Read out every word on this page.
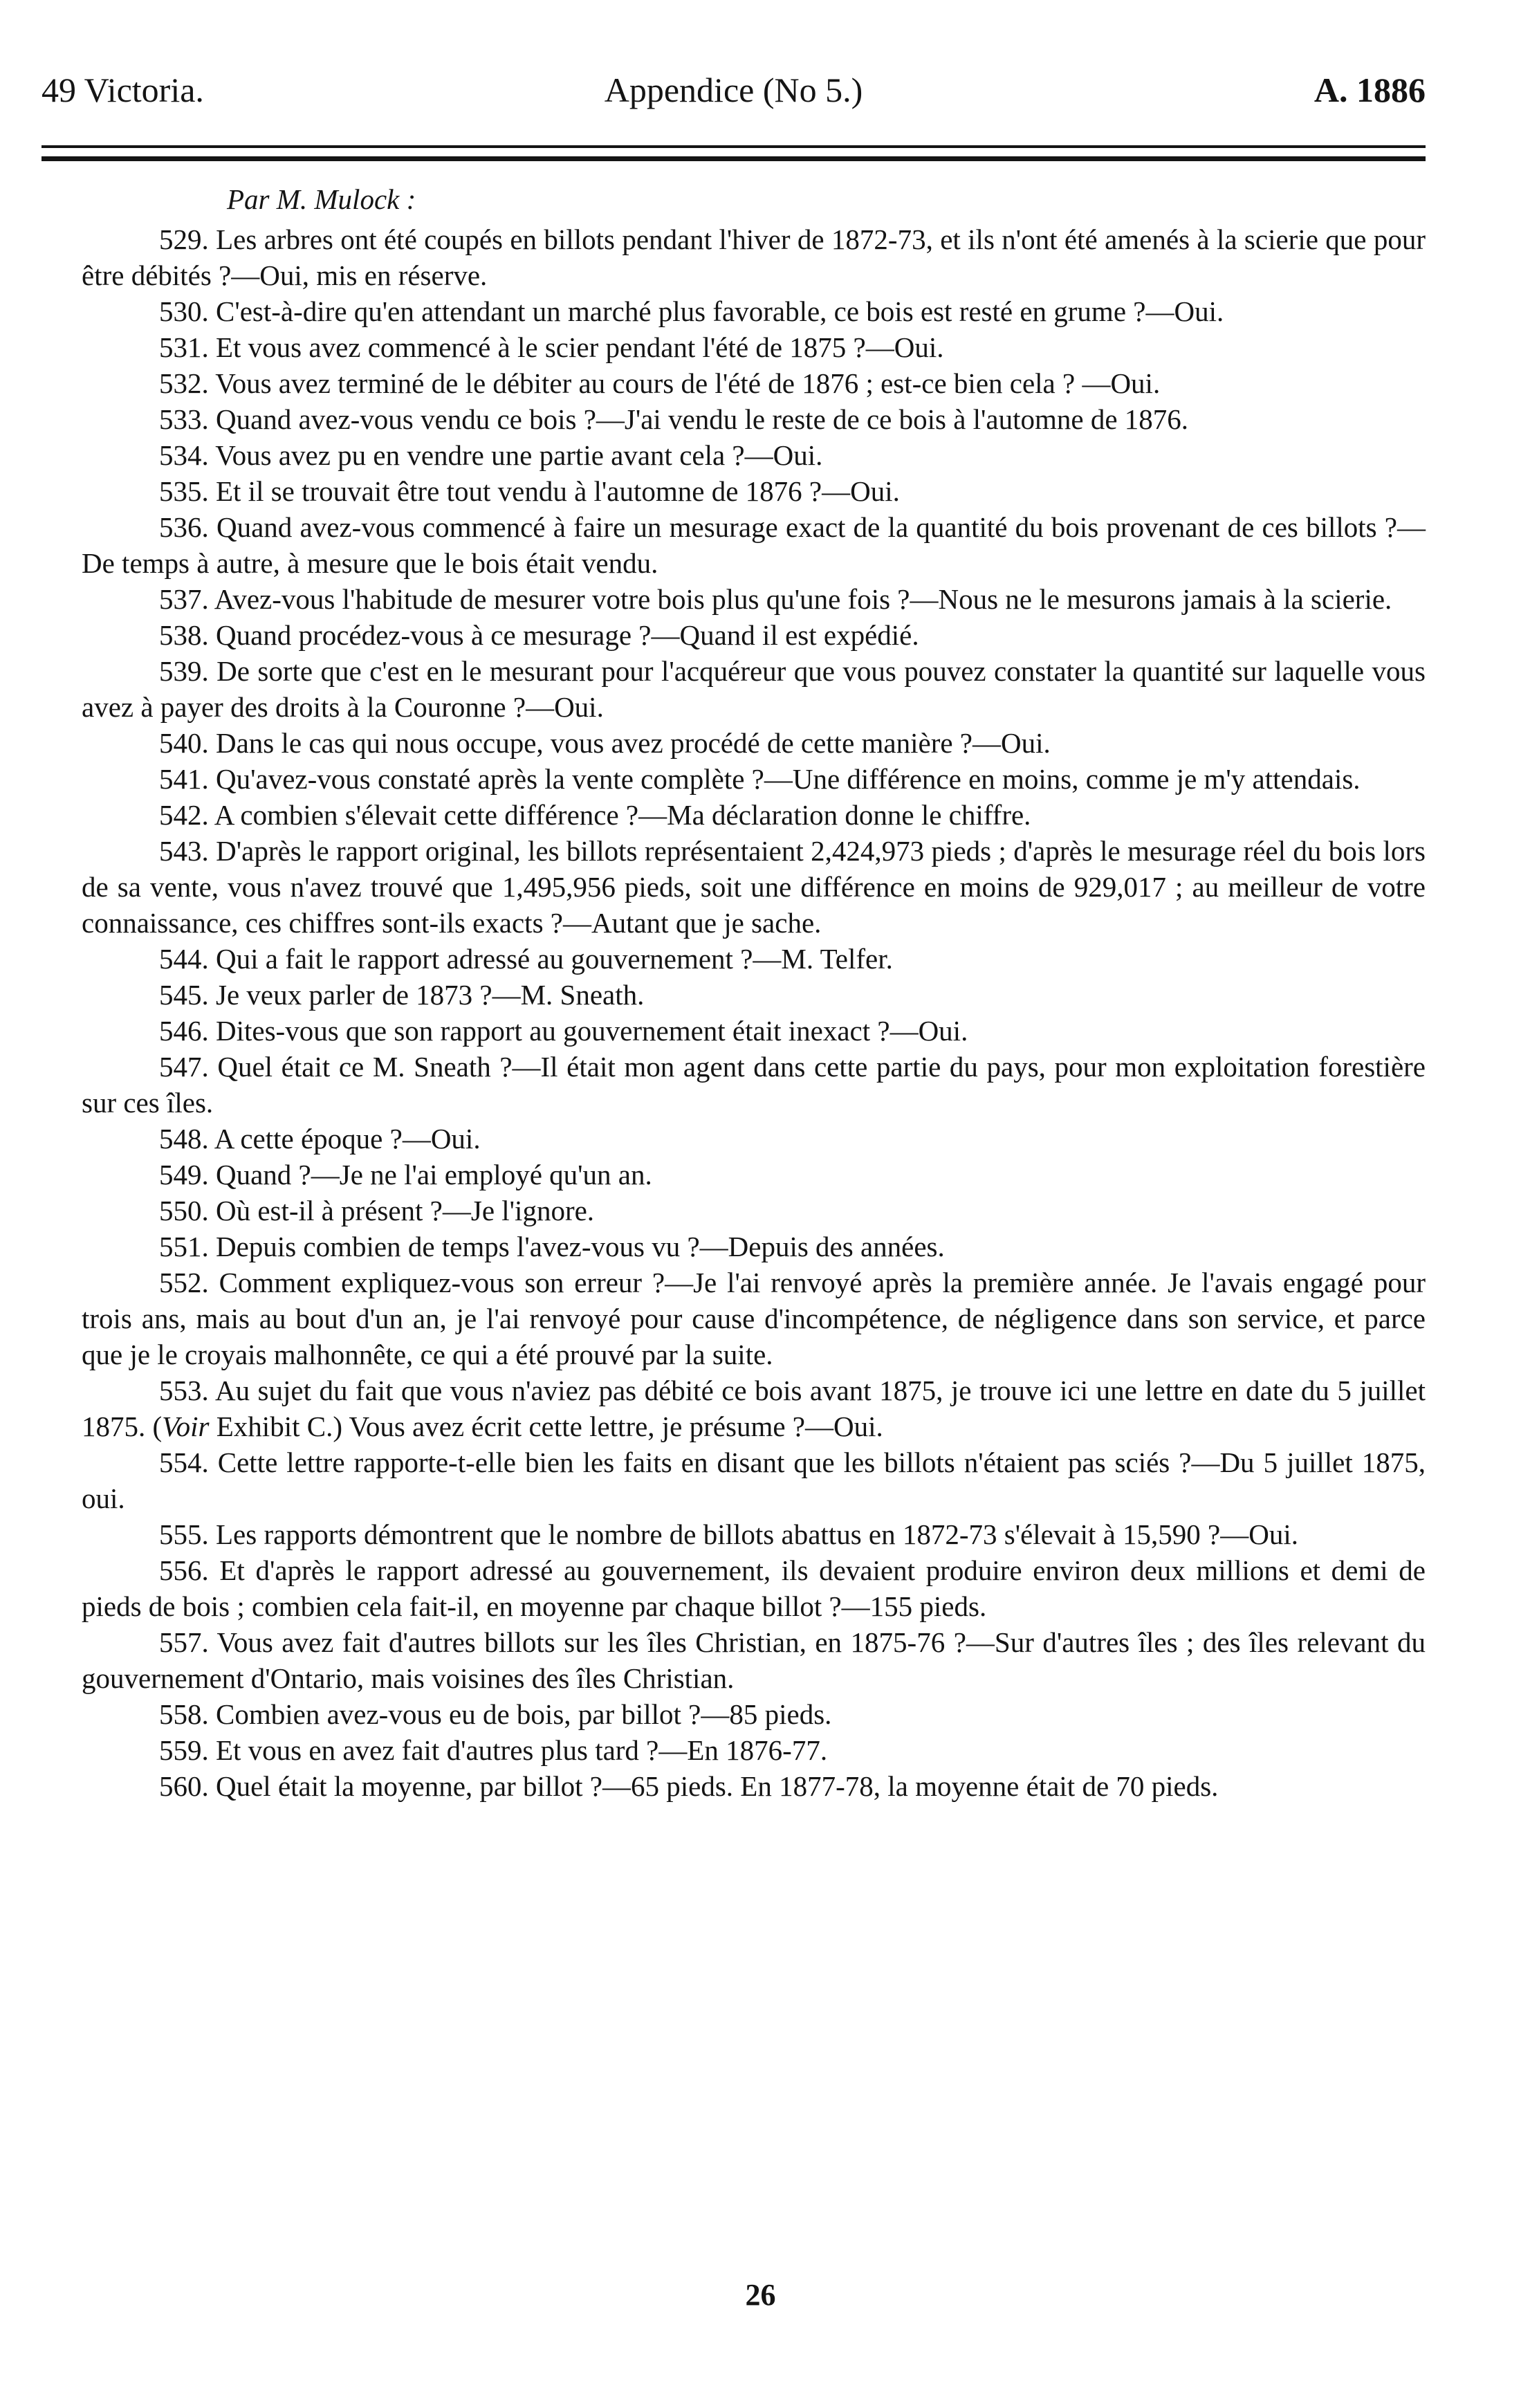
49 Victoria.	Appendice (No 5.)	A. 1886

Par M. Mulock :

529. Les arbres ont été coupés en billots pendant l'hiver de 1872-73, et ils n'ont été amenés à la scierie que pour être débités ?—Oui, mis en réserve.

530. C'est-à-dire qu'en attendant un marché plus favorable, ce bois est resté en grume ?—Oui.

531. Et vous avez commencé à le scier pendant l'été de 1875 ?—Oui.

532. Vous avez terminé de le débiter au cours de l'été de 1876 ; est-ce bien cela ? —Oui.

533. Quand avez-vous vendu ce bois ?—J'ai vendu le reste de ce bois à l'automne de 1876.

534. Vous avez pu en vendre une partie avant cela ?—Oui.

535. Et il se trouvait être tout vendu à l'automne de 1876 ?—Oui.

536. Quand avez-vous commencé à faire un mesurage exact de la quantité du bois provenant de ces billots ?—De temps à autre, à mesure que le bois était vendu.

537. Avez-vous l'habitude de mesurer votre bois plus qu'une fois ?—Nous ne le mesurons jamais à la scierie.

538. Quand procédez-vous à ce mesurage ?—Quand il est expédié.

539. De sorte que c'est en le mesurant pour l'acquéreur que vous pouvez constater la quantité sur laquelle vous avez à payer des droits à la Couronne ?—Oui.

540. Dans le cas qui nous occupe, vous avez procédé de cette manière ?—Oui.

541. Qu'avez-vous constaté après la vente complète ?—Une différence en moins, comme je m'y attendais.

542. A combien s'élevait cette différence ?—Ma déclaration donne le chiffre.

543. D'après le rapport original, les billots représentaient 2,424,973 pieds ; d'après le mesurage réel du bois lors de sa vente, vous n'avez trouvé que 1,495,956 pieds, soit une différence en moins de 929,017 ; au meilleur de votre connaissance, ces chiffres sont-ils exacts ?—Autant que je sache.

544. Qui a fait le rapport adressé au gouvernement ?—M. Telfer.

545. Je veux parler de 1873 ?—M. Sneath.

546. Dites-vous que son rapport au gouvernement était inexact ?—Oui.

547. Quel était ce M. Sneath ?—Il était mon agent dans cette partie du pays, pour mon exploitation forestière sur ces îles.

548. A cette époque ?—Oui.

549. Quand ?—Je ne l'ai employé qu'un an.

550. Où est-il à présent ?—Je l'ignore.

551. Depuis combien de temps l'avez-vous vu ?—Depuis des années.

552. Comment expliquez-vous son erreur ?—Je l'ai renvoyé après la première année. Je l'avais engagé pour trois ans, mais au bout d'un an, je l'ai renvoyé pour cause d'incompétence, de négligence dans son service, et parce que je le croyais malhonnête, ce qui a été prouvé par la suite.

553. Au sujet du fait que vous n'aviez pas débité ce bois avant 1875, je trouve ici une lettre en date du 5 juillet 1875. (Voir Exhibit C.) Vous avez écrit cette lettre, je présume ?—Oui.

554. Cette lettre rapporte-t-elle bien les faits en disant que les billots n'étaient pas sciés ?—Du 5 juillet 1875, oui.

555. Les rapports démontrent que le nombre de billots abattus en 1872-73 s'élevait à 15,590 ?—Oui.

556. Et d'après le rapport adressé au gouvernement, ils devaient produire environ deux millions et demi de pieds de bois ; combien cela fait-il, en moyenne par chaque billot ?—155 pieds.

557. Vous avez fait d'autres billots sur les îles Christian, en 1875-76 ?—Sur d'autres îles ; des îles relevant du gouvernement d'Ontario, mais voisines des îles Christian.

558. Combien avez-vous eu de bois, par billot ?—85 pieds.

559. Et vous en avez fait d'autres plus tard ?—En 1876-77.

560. Quel était la moyenne, par billot ?—65 pieds. En 1877-78, la moyenne était de 70 pieds.

26
